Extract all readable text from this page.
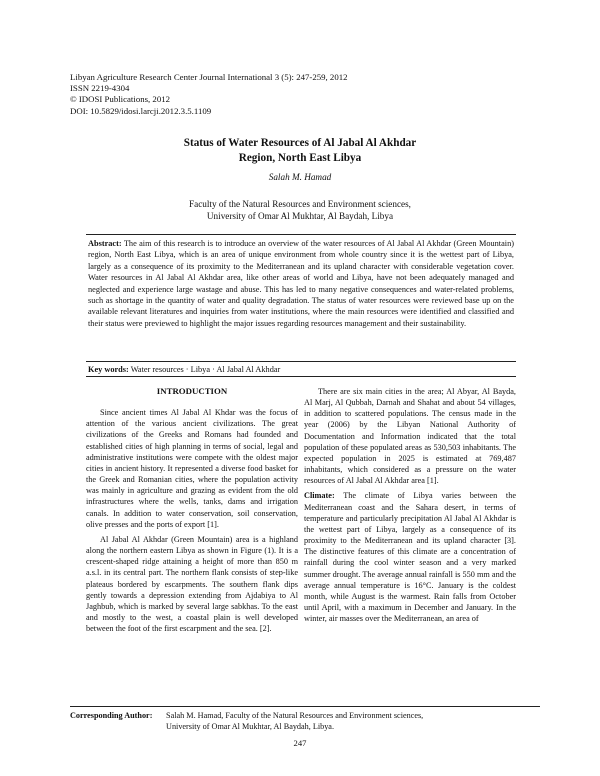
Libyan Agriculture Research Center Journal International 3 (5): 247-259, 2012
ISSN 2219-4304
© IDOSI Publications, 2012
DOI: 10.5829/idosi.larcji.2012.3.5.1109
Status of Water Resources of Al Jabal Al Akhdar
Region, North East Libya
Salah M. Hamad
Faculty of the Natural Resources and Environment sciences,
University of Omar Al Mukhtar, Al Baydah, Libya
Abstract: The aim of this research is to introduce an overview of the water resources of Al Jabal Al Akhdar (Green Mountain) region, North East Libya, which is an area of unique environment from whole country since it is the wettest part of Libya, largely as a consequence of its proximity to the Mediterranean and its upland character with considerable vegetation cover. Water resources in Al Jabal Al Akhdar area, like other areas of world and Libya, have not been adequately managed and neglected and experience large wastage and abuse. This has led to many negative consequences and water-related problems, such as shortage in the quantity of water and quality degradation. The status of water resources were reviewed base up on the available relevant literatures and inquiries from water institutions, where the main resources were identified and classified and their status were previewed to highlight the major issues regarding resources management and their sustainability.
Key words: Water resources · Libya · Al Jabal Al Akhdar
INTRODUCTION

Since ancient times Al Jabal Al Khdar was the focus of attention of the various ancient civilizations. The great civilizations of the Greeks and Romans had founded and established cities of high planning in terms of social, legal and administrative institutions were compete with the oldest major cities in ancient history. It represented a diverse food basket for the Greek and Romanian cities, where the population activity was mainly in agriculture and grazing as evident from the old infrastructures where the wells, tanks, dams and irrigation canals. In addition to water conservation, soil conservation, olive presses and the ports of export [1].

Al Jabal Al Akhdar (Green Mountain) area is a highland along the northern eastern Libya as shown in Figure (1). It is a crescent-shaped ridge attaining a height of more than 850 m a.s.l. in its central part. The northern flank consists of step-like plateaus bordered by escarpments. The southern flank dips gently towards a depression extending from Ajdabiya to Al Jaghbub, which is marked by several large sabkhas. To the east and mostly to the west, a coastal plain is well developed between the foot of the first escarpment and the sea. [2].

There are six main cities in the area; Al Abyar, Al Bayda, Al Marj, Al Qubbah, Darnah and Shahat and about 54 villages, in addition to scattered populations. The census made in the year (2006) by the Libyan National Authority of Documentation and Information indicated that the total population of these populated areas as 530,503 inhabitants. The expected population in 2025 is estimated at 769,487 inhabitants, which considered as a pressure on the water resources of Al Jabal Al Akhdar area [1].

Climate: The climate of Libya varies between the Mediterranean coast and the Sahara desert, in terms of temperature and particularly precipitation Al Jabal Al Akhdar is the wettest part of Libya, largely as a consequence of its proximity to the Mediterranean and its upland character [3]. The distinctive features of this climate are a concentration of rainfall during the cool winter season and a very marked summer drought. The average annual rainfall is 550 mm and the average annual temperature is 16°C. January is the coldest month, while August is the warmest. Rain falls from October until April, with a maximum in December and January. In the winter, air masses over the Mediterranean, an area of

Corresponding Author: Salah M. Hamad, Faculty of the Natural Resources and Environment sciences,
University of Omar Al Mukhtar, Al Baydah, Libya.
247
